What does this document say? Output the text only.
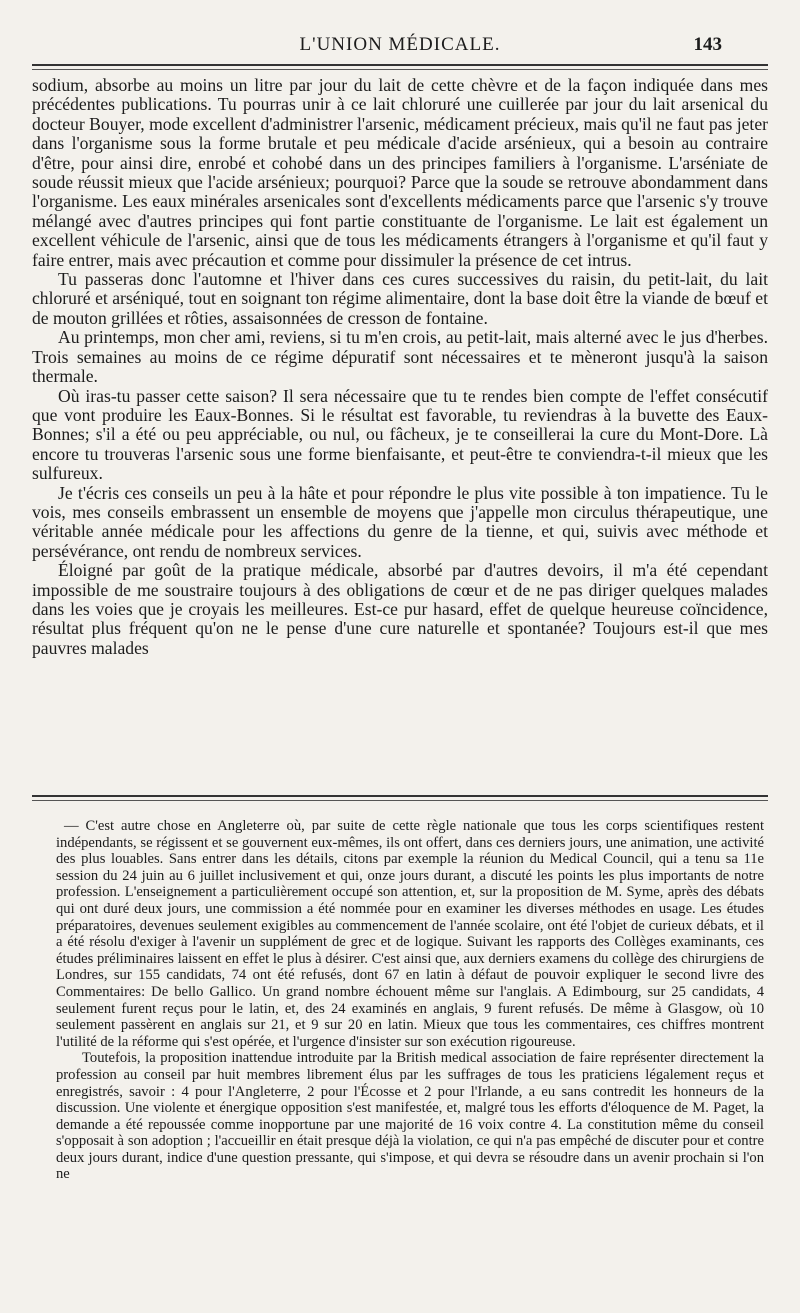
L'UNION MÉDICALE.	143

sodium, absorbe au moins un litre par jour du lait de cette chèvre et de la façon indiquée dans mes précédentes publications. Tu pourras unir à ce lait chloruré une cuillerée par jour du lait arsenical du docteur Bouyer, mode excellent d'administrer l'arsenic, médicament précieux, mais qu'il ne faut pas jeter dans l'organisme sous la forme brutale et peu médicale d'acide arsénieux, qui a besoin au contraire d'être, pour ainsi dire, enrobé et cohobé dans un des principes familiers à l'organisme. L'arséniate de soude réussit mieux que l'acide arsénieux; pourquoi? Parce que la soude se retrouve abondamment dans l'organisme. Les eaux minérales arsenicales sont d'excellents médicaments parce que l'arsenic s'y trouve mélangé avec d'autres principes qui font partie constituante de l'organisme. Le lait est également un excellent véhicule de l'arsenic, ainsi que de tous les médicaments étrangers à l'organisme et qu'il faut y faire entrer, mais avec précaution et comme pour dissimuler la présence de cet intrus.

Tu passeras donc l'automne et l'hiver dans ces cures successives du raisin, du petit-lait, du lait chloruré et arséniqué, tout en soignant ton régime alimentaire, dont la base doit être la viande de bœuf et de mouton grillées et rôties, assaisonnées de cresson de fontaine.

Au printemps, mon cher ami, reviens, si tu m'en crois, au petit-lait, mais alterné avec le jus d'herbes. Trois semaines au moins de ce régime dépuratif sont nécessaires et te mèneront jusqu'à la saison thermale.

Où iras-tu passer cette saison? Il sera nécessaire que tu te rendes bien compte de l'effet consécutif que vont produire les Eaux-Bonnes. Si le résultat est favorable, tu reviendras à la buvette des Eaux-Bonnes; s'il a été ou peu appréciable, ou nul, ou fâcheux, je te conseillerai la cure du Mont-Dore. Là encore tu trouveras l'arsenic sous une forme bienfaisante, et peut-être te conviendra-t-il mieux que les sulfureux.

Je t'écris ces conseils un peu à la hâte et pour répondre le plus vite possible à ton impatience. Tu le vois, mes conseils embrassent un ensemble de moyens que j'appelle mon circulus thérapeutique, une véritable année médicale pour les affections du genre de la tienne, et qui, suivis avec méthode et persévérance, ont rendu de nombreux services.

Éloigné par goût de la pratique médicale, absorbé par d'autres devoirs, il m'a été cependant impossible de me soustraire toujours à des obligations de cœur et de ne pas diriger quelques malades dans les voies que je croyais les meilleures. Est-ce pur hasard, effet de quelque heureuse coïncidence, résultat plus fréquent qu'on ne le pense d'une cure naturelle et spontanée? Toujours est-il que mes pauvres malades

— C'est autre chose en Angleterre où, par suite de cette règle nationale que tous les corps scientifiques restent indépendants, se régissent et se gouvernent eux-mêmes, ils ont offert, dans ces derniers jours, une animation, une activité des plus louables. Sans entrer dans les détails, citons par exemple la réunion du Medical Council, qui a tenu sa 11e session du 24 juin au 6 juillet inclusivement et qui, onze jours durant, a discuté les points les plus importants de notre profession. L'enseignement a particulièrement occupé son attention, et, sur la proposition de M. Syme, après des débats qui ont duré deux jours, une commission a été nommée pour en examiner les diverses méthodes en usage. Les études préparatoires, devenues seulement exigibles au commencement de l'année scolaire, ont été l'objet de curieux débats, et il a été résolu d'exiger à l'avenir un supplément de grec et de logique. Suivant les rapports des Collèges examinants, ces études préliminaires laissent en effet le plus à désirer. C'est ainsi que, aux derniers examens du collège des chirurgiens de Londres, sur 155 candidats, 74 ont été refusés, dont 67 en latin à défaut de pouvoir expliquer le second livre des Commentaires: De bello Gallico. Un grand nombre échouent même sur l'anglais. A Edimbourg, sur 25 candidats, 4 seulement furent reçus pour le latin, et, des 24 examinés en anglais, 9 furent refusés. De même à Glasgow, où 10 seulement passèrent en anglais sur 21, et 9 sur 20 en latin. Mieux que tous les commentaires, ces chiffres montrent l'utilité de la réforme qui s'est opérée, et l'urgence d'insister sur son exécution rigoureuse.

Toutefois, la proposition inattendue introduite par la British medical association de faire représenter directement la profession au conseil par huit membres librement élus par les suffrages de tous les praticiens légalement reçus et enregistrés, savoir : 4 pour l'Angleterre, 2 pour l'Écosse et 2 pour l'Irlande, a eu sans contredit les honneurs de la discussion. Une violente et énergique opposition s'est manifestée, et, malgré tous les efforts d'éloquence de M. Paget, la demande a été repoussée comme inopportune par une majorité de 16 voix contre 4. La constitution même du conseil s'opposait à son adoption ; l'accueillir en était presque déjà la violation, ce qui n'a pas empêché de discuter pour et contre deux jours durant, indice d'une question pressante, qui s'impose, et qui devra se résoudre dans un avenir prochain si l'on ne
